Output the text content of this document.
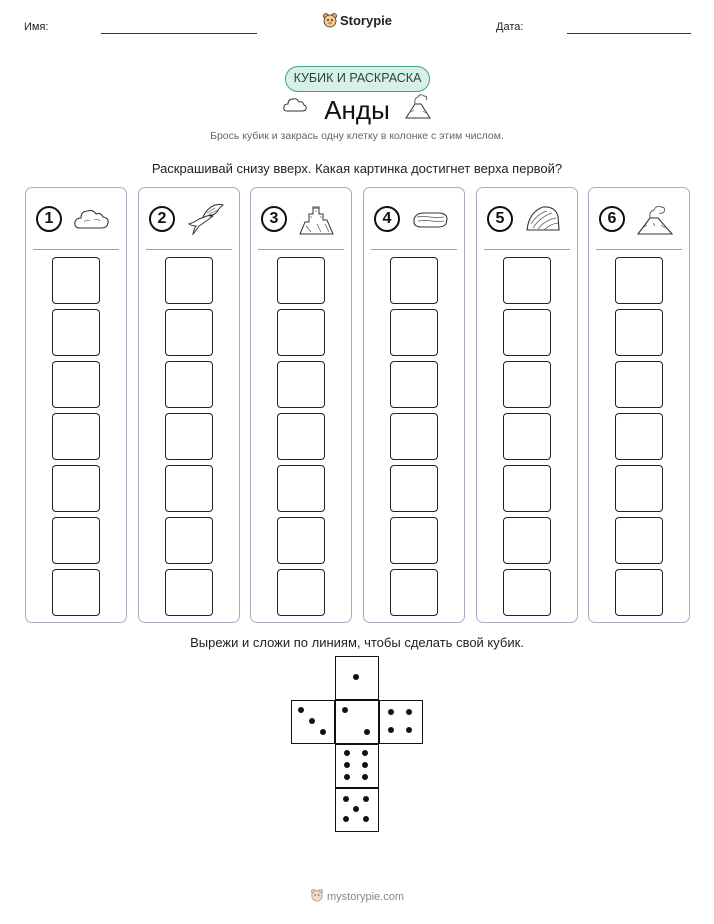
Имя:	Storypie	Дата:
КУБИК И РАСКРАСКА
Анды
Брось кубик и закрась одну клетку в колонке с этим числом.
Раскрашивай снизу вверх. Какая картинка достигнет верха первой?
1	2	3	4	5	6
Вырежи и сложи по линиям, чтобы сделать свой кубик.
mystorypie.com
